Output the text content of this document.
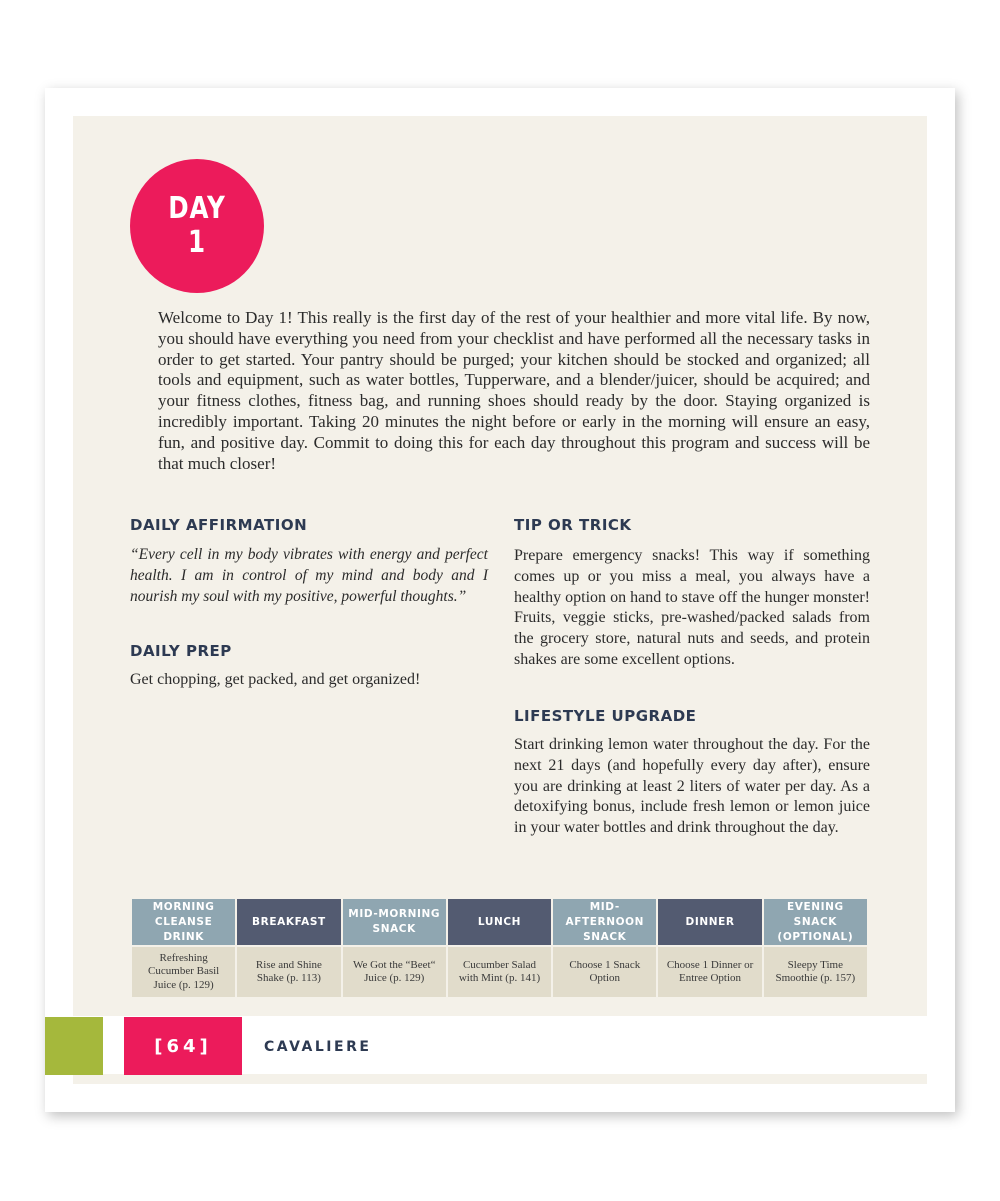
DAY
1

Welcome to Day 1! This really is the first day of the rest of your healthier and more vital life. By now, you should have everything you need from your checklist and have performed all the necessary tasks in order to get started. Your pantry should be purged; your kitchen should be stocked and organized; all tools and equipment, such as water bottles, Tupperware, and a blender/juicer, should be acquired; and your fitness clothes, fitness bag, and running shoes should ready by the door. Staying organized is incredibly important. Taking 20 minutes the night before or early in the morning will ensure an easy, fun, and positive day. Commit to doing this for each day throughout this program and success will be that much closer!

DAILY AFFIRMATION

“Every cell in my body vibrates with energy and perfect health. I am in control of my mind and body and I nourish my soul with my positive, powerful thoughts.”

DAILY PREP

Get chopping, get packed, and get organized!

TIP OR TRICK

Prepare emergency snacks! This way if something comes up or you miss a meal, you always have a healthy option on hand to stave off the hunger monster! Fruits, veggie sticks, pre-washed/packed salads from the grocery store, natural nuts and seeds, and protein shakes are some excellent options.

LIFESTYLE UPGRADE

Start drinking lemon water throughout the day. For the next 21 days (and hopefully every day after), ensure you are drinking at least 2 liters of water per day. As a detoxifying bonus, include fresh lemon or lemon juice in your water bottles and drink throughout the day.

MORNING CLEANSE DRINK	BREAKFAST	MID-MORNING SNACK	LUNCH	MID-AFTERNOON SNACK	DINNER	EVENING SNACK (OPTIONAL)
Refreshing Cucumber Basil Juice (p. 129)	Rise and Shine Shake (p. 113)	We Got the “Beet“ Juice (p. 129)	Cucumber Salad with Mint (p. 141)	Choose 1 Snack Option	Choose 1 Dinner or Entree Option	Sleepy Time Smoothie (p. 157)
[64]	CAVALIERE
